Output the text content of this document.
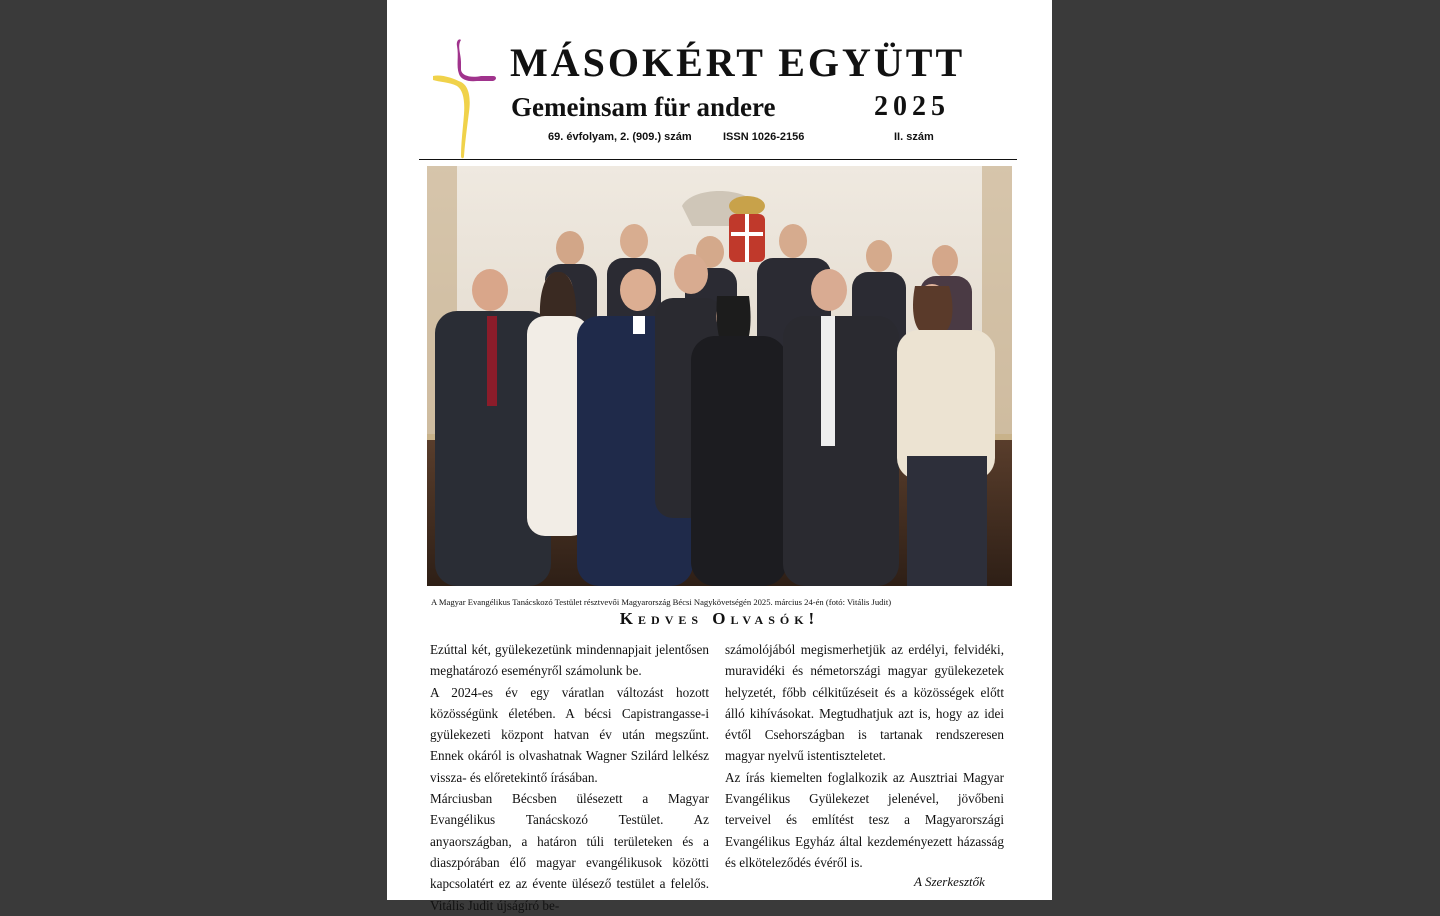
MÁSOKÉRT EGYÜTT
Gemeinsam für andere	2025
69. évfolyam, 2. (909.) szám	ISSN 1026-2156	II. szám
A Magyar Evangélikus Tanácskozó Testület résztvevői Magyarország Bécsi Nagykövetségén 2025. március 24-én (fotó: Vitális Judit)
Kedves Olvasók!

Ezúttal két, gyülekezetünk mindennapjait jelentősen meghatározó eseményről számolunk be.

A 2024-es év egy váratlan változást hozott közösségünk életében. A bécsi Capistrangasse-i gyülekezeti központ hatvan év után megszűnt. Ennek okáról is olvashatnak Wagner Szilárd lelkész vissza- és előretekintő írásában.

Márciusban Bécsben ülésezett a Magyar Evangélikus Tanácskozó Testület. Az anyaországban, a határon túli területeken és a diaszpórában élő magyar evangélikusok közötti kapcsolatért ez az évente ülésező testület a felelős. Vitális Judit újságíró be-

számolójából megismerhetjük az erdélyi, felvidéki, muravidéki és németországi magyar gyülekezetek helyzetét, főbb célkitűzéseit és a közösségek előtt álló kihívásokat. Megtudhatjuk azt is, hogy az idei évtől Csehországban is tartanak rendszeresen magyar nyelvű istentiszteletet.

Az írás kiemelten foglalkozik az Ausztriai Magyar Evangélikus Gyülekezet jelenével, jövőbeni terveivel és említést tesz a Magyarországi Evangélikus Egyház által kezdeményezett házasság és elköteleződés évéről is.

A Szerkesztők
